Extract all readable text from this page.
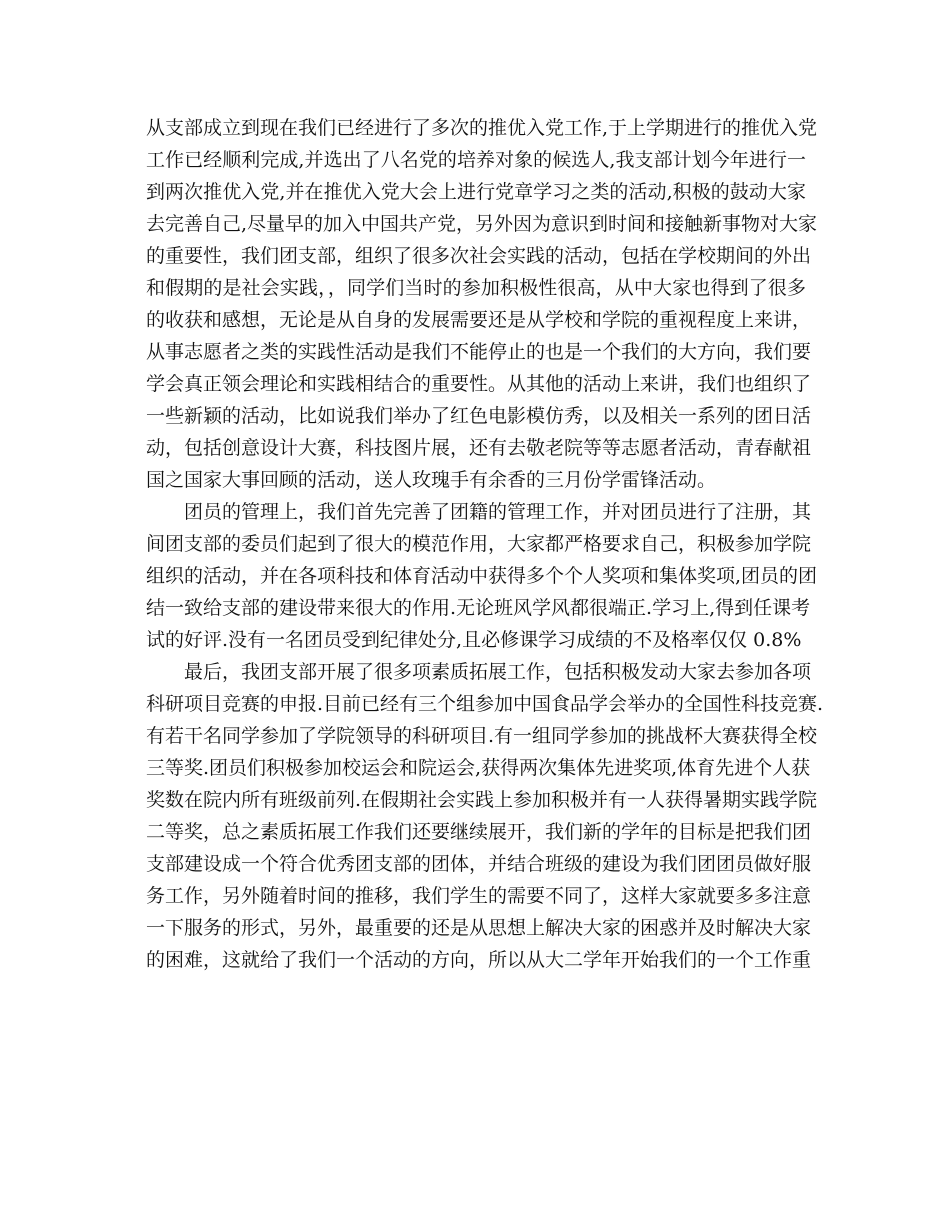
从支部成立到现在我们已经进行了多次的推优入党工作,于上学期进行的推优入党

工作已经顺利完成,并选出了八名党的培养对象的候选人,我支部计划今年进行一

到两次推优入党,并在推优入党大会上进行党章学习之类的活动,积极的鼓动大家

去完善自己,尽量早的加入中国共产党，另外因为意识到时间和接触新事物对大家

的重要性，我们团支部，组织了很多次社会实践的活动，包括在学校期间的外出

和假期的是社会实践，，同学们当时的参加积极性很高，从中大家也得到了很多

的收获和感想，无论是从自身的发展需要还是从学校和学院的重视程度上来讲，

从事志愿者之类的实践性活动是我们不能停止的也是一个我们的大方向，我们要

学会真正领会理论和实践相结合的重要性。从其他的活动上来讲，我们也组织了

一些新颖的活动，比如说我们举办了红色电影模仿秀，以及相关一系列的团日活

动，包括创意设计大赛，科技图片展，还有去敬老院等等志愿者活动，青春献祖

国之国家大事回顾的活动，送人玫瑰手有余香的三月份学雷锋活动。

团员的管理上，我们首先完善了团籍的管理工作，并对团员进行了注册，其

间团支部的委员们起到了很大的模范作用，大家都严格要求自己，积极参加学院

组织的活动，并在各项科技和体育活动中获得多个个人奖项和集体奖项,团员的团

结一致给支部的建设带来很大的作用.无论班风学风都很端正.学习上,得到任课考

试的好评.没有一名团员受到纪律处分,且必修课学习成绩的不及格率仅仅 0.8%

最后，我团支部开展了很多项素质拓展工作，包括积极发动大家去参加各项

科研项目竞赛的申报.目前已经有三个组参加中国食品学会举办的全国性科技竞赛.

有若干名同学参加了学院领导的科研项目.有一组同学参加的挑战杯大赛获得全校

三等奖.团员们积极参加校运会和院运会,获得两次集体先进奖项,体育先进个人获

奖数在院内所有班级前列.在假期社会实践上参加积极并有一人获得暑期实践学院

二等奖，总之素质拓展工作我们还要继续展开，我们新的学年的目标是把我们团

支部建设成一个符合优秀团支部的团体，并结合班级的建设为我们团团员做好服

务工作，另外随着时间的推移，我们学生的需要不同了，这样大家就要多多注意

一下服务的形式，另外，最重要的还是从思想上解决大家的困惑并及时解决大家

的困难，这就给了我们一个活动的方向，所以从大二学年开始我们的一个工作重
